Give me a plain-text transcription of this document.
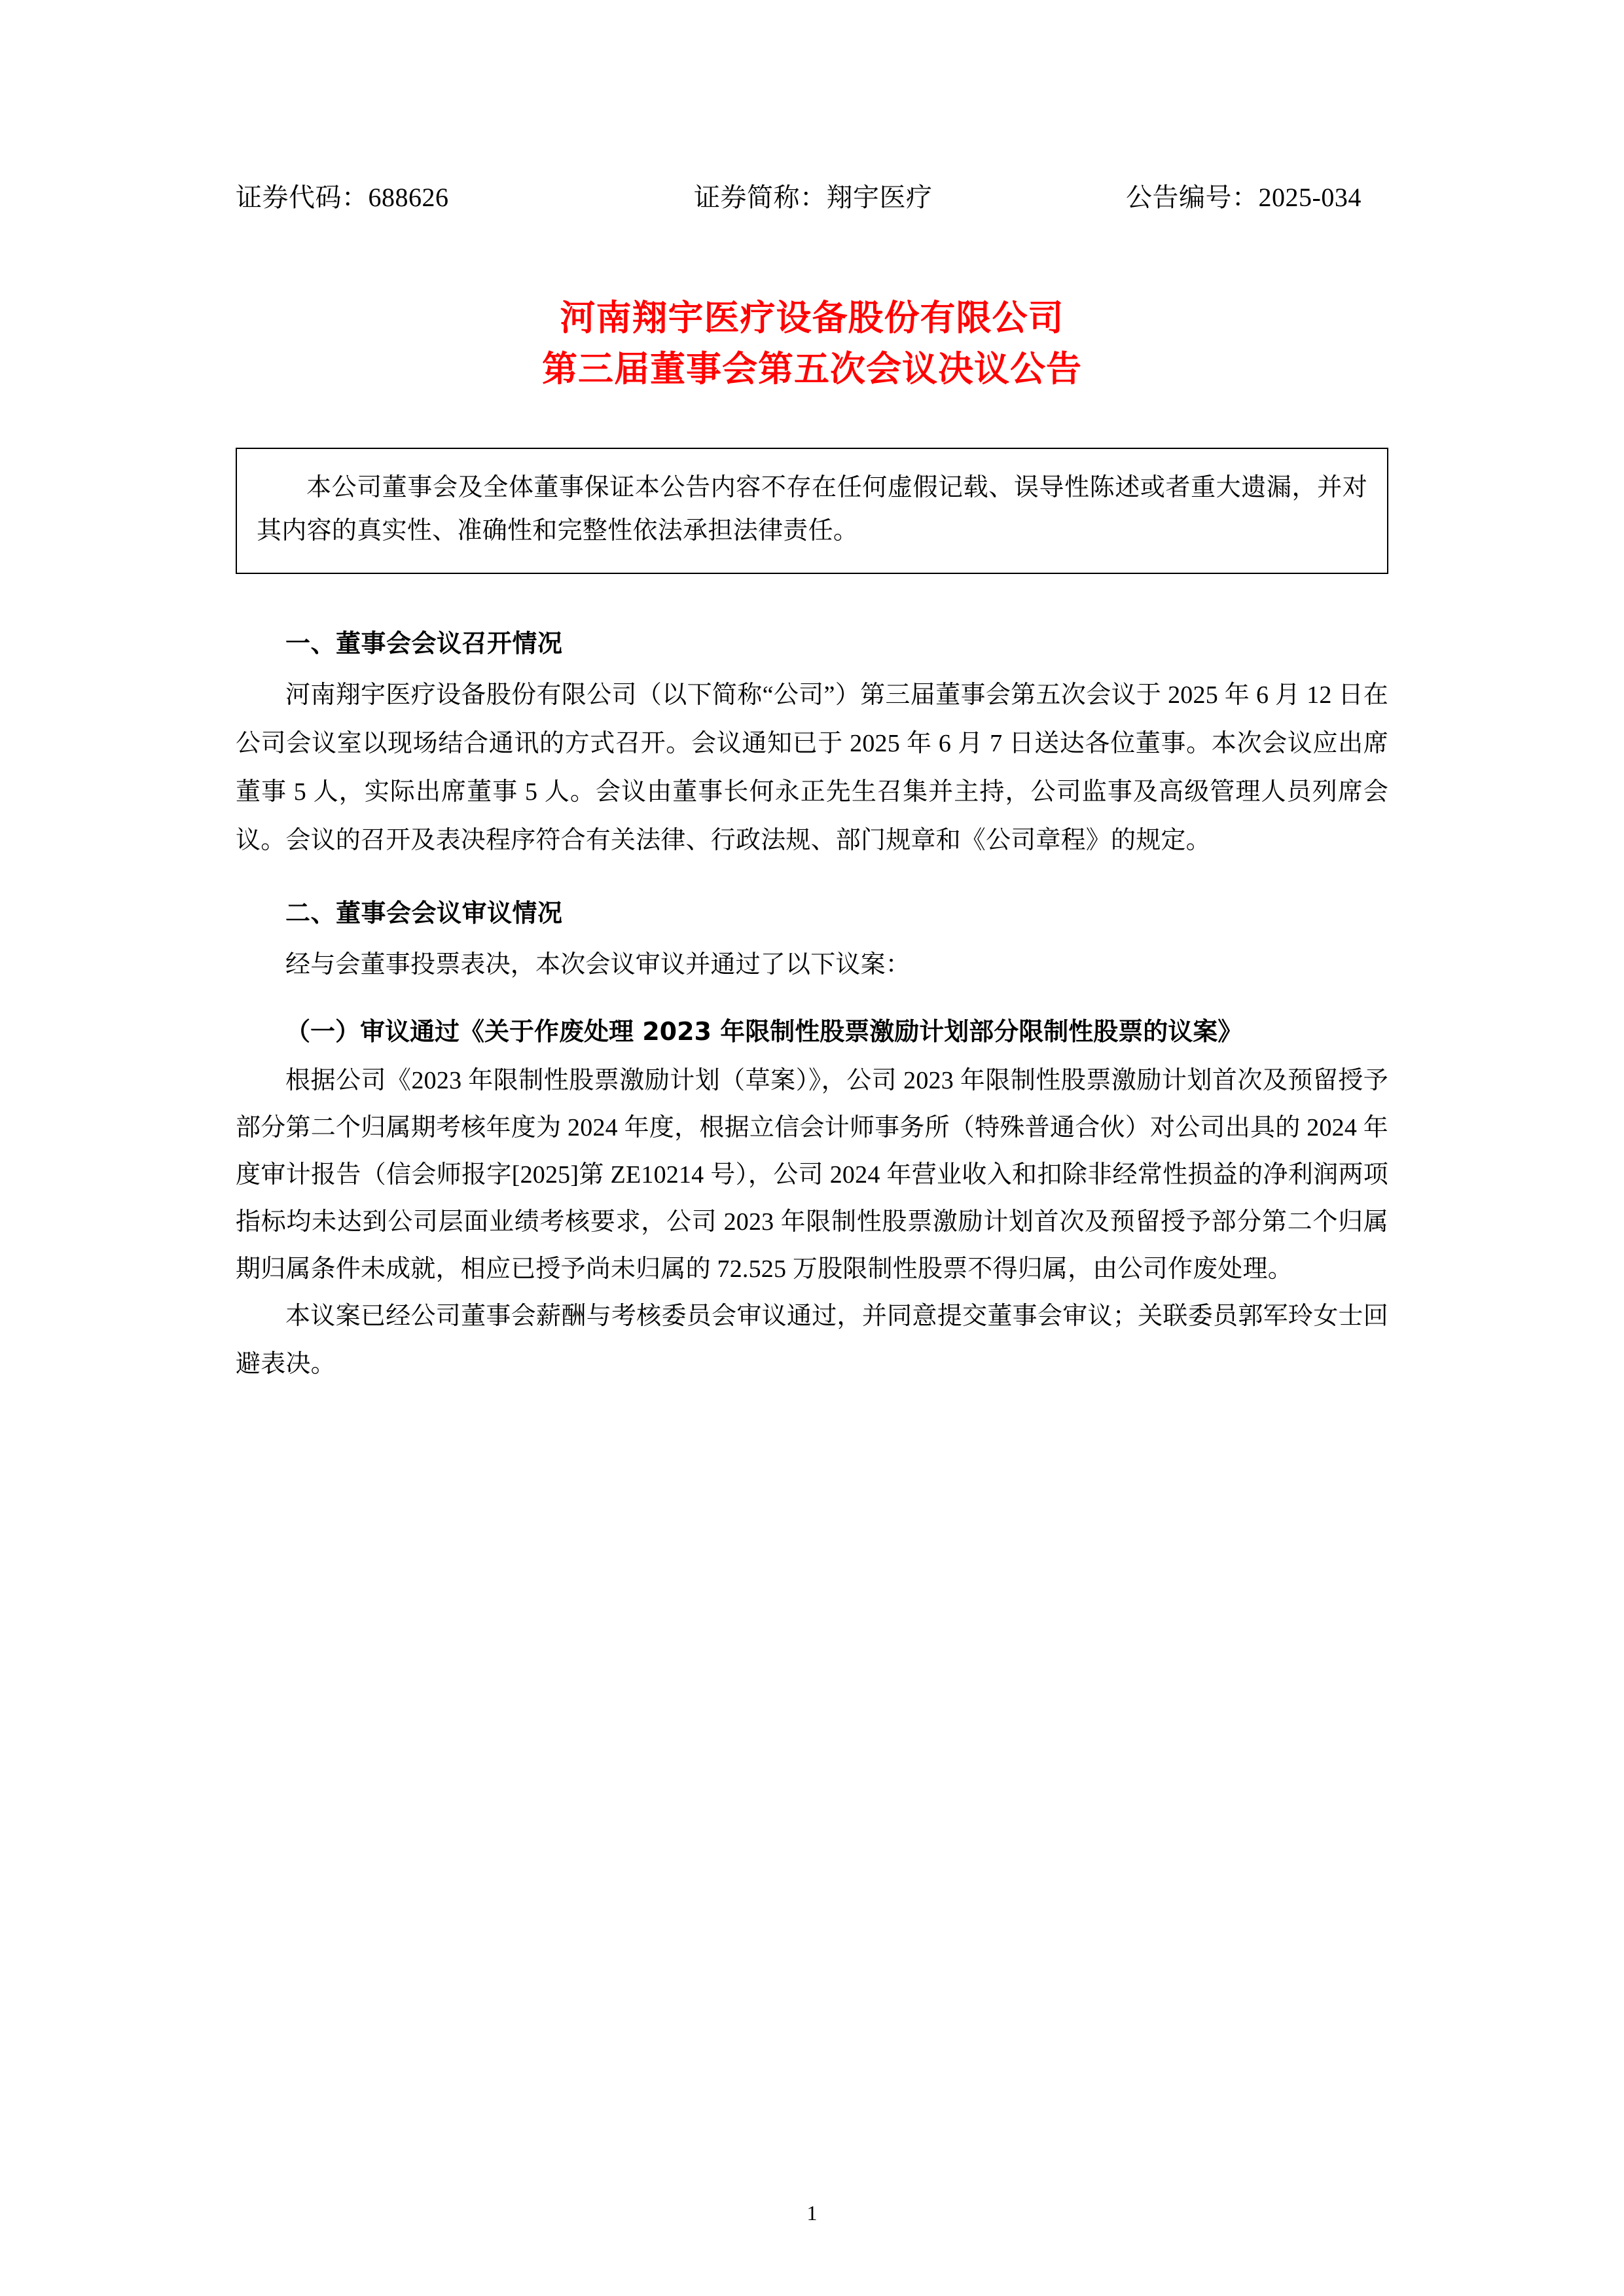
证券代码：688626	证券简称：翔宇医疗	公告编号：2025-034
河南翔宇医疗设备股份有限公司
第三届董事会第五次会议决议公告

本公司董事会及全体董事保证本公告内容不存在任何虚假记载、误导性陈述或者重大遗漏，并对其内容的真实性、准确性和完整性依法承担法律责任。

一、董事会会议召开情况

河南翔宇医疗设备股份有限公司（以下简称“公司”）第三届董事会第五次会议于 2025 年 6 月 12 日在公司会议室以现场结合通讯的方式召开。会议通知已于 2025 年 6 月 7 日送达各位董事。本次会议应出席董事 5 人，实际出席董事 5 人。会议由董事长何永正先生召集并主持，公司监事及高级管理人员列席会议。会议的召开及表决程序符合有关法律、行政法规、部门规章和《公司章程》的规定。

二、董事会会议审议情况

经与会董事投票表决，本次会议审议并通过了以下议案：

（一）审议通过《关于作废处理 2023 年限制性股票激励计划部分限制性股票的议案》

根据公司《2023 年限制性股票激励计划（草案）》，公司 2023 年限制性股票激励计划首次及预留授予部分第二个归属期考核年度为 2024 年度，根据立信会计师事务所（特殊普通合伙）对公司出具的 2024 年度审计报告（信会师报字[2025]第 ZE10214 号），公司 2024 年营业收入和扣除非经常性损益的净利润两项指标均未达到公司层面业绩考核要求，公司 2023 年限制性股票激励计划首次及预留授予部分第二个归属期归属条件未成就，相应已授予尚未归属的 72.525 万股限制性股票不得归属，由公司作废处理。

本议案已经公司董事会薪酬与考核委员会审议通过，并同意提交董事会审议；关联委员郭军玲女士回避表决。

1
